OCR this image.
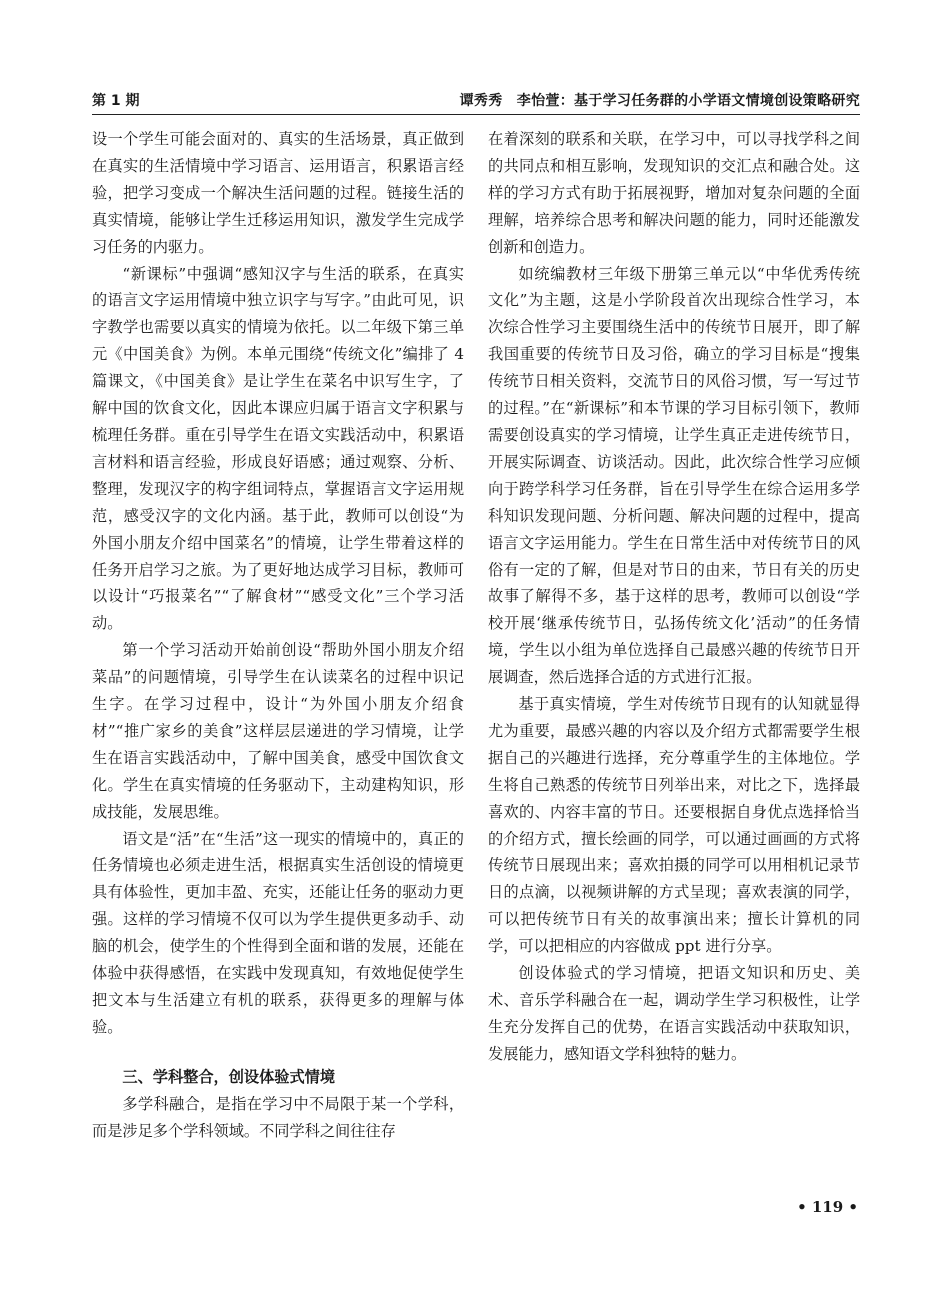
第 1 期	谭秀秀　李怡萱：基于学习任务群的小学语文情境创设策略研究

设一个学生可能会面对的、真实的生活场景，真正做到在真实的生活情境中学习语言、运用语言，积累语言经验，把学习变成一个解决生活问题的过程。链接生活的真实情境，能够让学生迁移运用知识，激发学生完成学习任务的内驱力。

“新课标”中强调“感知汉字与生活的联系，在真实的语言文字运用情境中独立识字与写字。”由此可见，识字教学也需要以真实的情境为依托。以二年级下第三单元《中国美食》为例。本单元围绕“传统文化”编排了 4 篇课文，《中国美食》是让学生在菜名中识写生字，了解中国的饮食文化，因此本课应归属于语言文字积累与梳理任务群。重在引导学生在语文实践活动中，积累语言材料和语言经验，形成良好语感；通过观察、分析、整理，发现汉字的构字组词特点，掌握语言文字运用规范，感受汉字的文化内涵。基于此，教师可以创设“为外国小朋友介绍中国菜名”的情境，让学生带着这样的任务开启学习之旅。为了更好地达成学习目标，教师可以设计“巧报菜名”“了解食材”“感受文化”三个学习活动。

第一个学习活动开始前创设“帮助外国小朋友介绍菜品”的问题情境，引导学生在认读菜名的过程中识记生字。在学习过程中，设计“为外国小朋友介绍食材”“推广家乡的美食”这样层层递进的学习情境，让学生在语言实践活动中，了解中国美食，感受中国饮食文化。学生在真实情境的任务驱动下，主动建构知识，形成技能，发展思维。

语文是“活”在“生活”这一现实的情境中的，真正的任务情境也必须走进生活，根据真实生活创设的情境更具有体验性，更加丰盈、充实，还能让任务的驱动力更强。这样的学习情境不仅可以为学生提供更多动手、动脑的机会，使学生的个性得到全面和谐的发展，还能在体验中获得感悟，在实践中发现真知，有效地促使学生把文本与生活建立有机的联系，获得更多的理解与体验。

三、学科整合，创设体验式情境

多学科融合，是指在学习中不局限于某一个学科，而是涉足多个学科领域。不同学科之间往往存

在着深刻的联系和关联，在学习中，可以寻找学科之间的共同点和相互影响，发现知识的交汇点和融合处。这样的学习方式有助于拓展视野，增加对复杂问题的全面理解，培养综合思考和解决问题的能力，同时还能激发创新和创造力。

如统编教材三年级下册第三单元以“中华优秀传统文化”为主题，这是小学阶段首次出现综合性学习，本次综合性学习主要围绕生活中的传统节日展开，即了解我国重要的传统节日及习俗，确立的学习目标是“搜集传统节日相关资料，交流节日的风俗习惯，写一写过节的过程。”在“新课标”和本节课的学习目标引领下，教师需要创设真实的学习情境，让学生真正走进传统节日，开展实际调查、访谈活动。因此，此次综合性学习应倾向于跨学科学习任务群，旨在引导学生在综合运用多学科知识发现问题、分析问题、解决问题的过程中，提高语言文字运用能力。学生在日常生活中对传统节日的风俗有一定的了解，但是对节日的由来，节日有关的历史故事了解得不多，基于这样的思考，教师可以创设“学校开展‘继承传统节日，弘扬传统文化’活动”的任务情境，学生以小组为单位选择自己最感兴趣的传统节日开展调查，然后选择合适的方式进行汇报。

基于真实情境，学生对传统节日现有的认知就显得尤为重要，最感兴趣的内容以及介绍方式都需要学生根据自己的兴趣进行选择，充分尊重学生的主体地位。学生将自己熟悉的传统节日列举出来，对比之下，选择最喜欢的、内容丰富的节日。还要根据自身优点选择恰当的介绍方式，擅长绘画的同学，可以通过画画的方式将传统节日展现出来；喜欢拍摄的同学可以用相机记录节日的点滴，以视频讲解的方式呈现；喜欢表演的同学，可以把传统节日有关的故事演出来；擅长计算机的同学，可以把相应的内容做成 ppt 进行分享。

创设体验式的学习情境，把语文知识和历史、美术、音乐学科融合在一起，调动学生学习积极性，让学生充分发挥自己的优势，在语言实践活动中获取知识，发展能力，感知语文学科独特的魅力。

• 119 •
